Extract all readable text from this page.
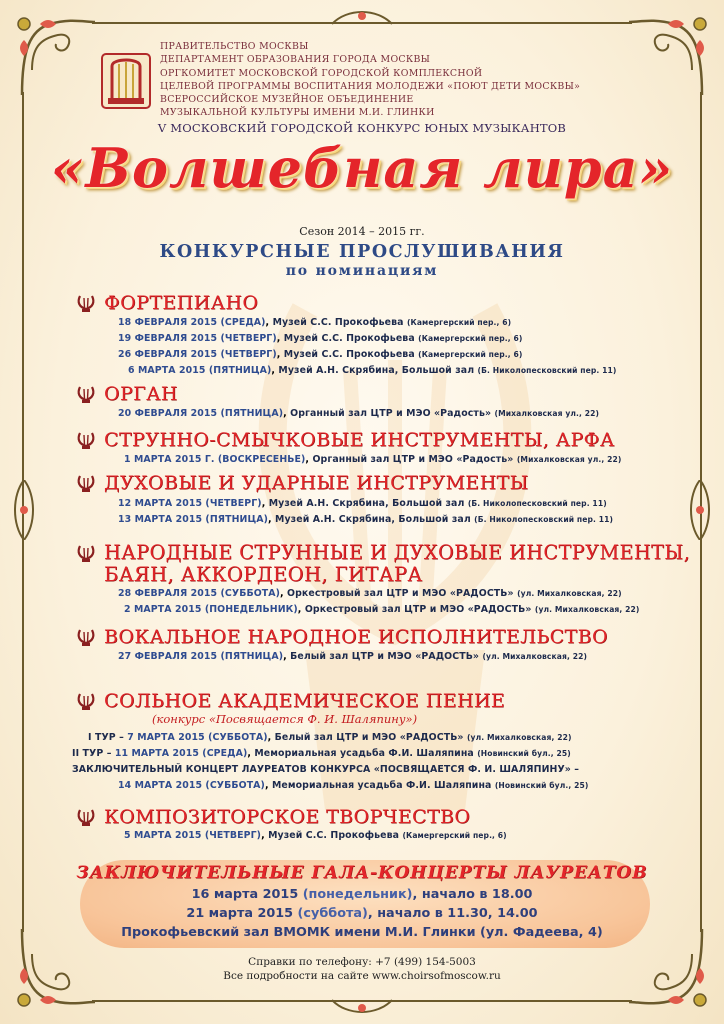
ПРАВИТЕЛЬСТВО МОСКВЫ
ДЕПАРТАМЕНТ ОБРАЗОВАНИЯ ГОРОДА МОСКВЫ
ОРГКОМИТЕТ МОСКОВСКОЙ ГОРОДСКОЙ КОМПЛЕКСНОЙ
ЦЕЛЕВОЙ ПРОГРАММЫ ВОСПИТАНИЯ МОЛОДЕЖИ «ПОЮТ ДЕТИ МОСКВЫ»
ВСЕРОССИЙСКОЕ МУЗЕЙНОЕ ОБЪЕДИНЕНИЕ
МУЗЫКАЛЬНОЙ КУЛЬТУРЫ ИМЕНИ М.И. ГЛИНКИ
V МОСКОВСКИЙ ГОРОДСКОЙ КОНКУРС ЮНЫХ МУЗЫКАНТОВ
«Волшебная лира»
Сезон 2014 – 2015 гг.
КОНКУРСНЫЕ ПРОСЛУШИВАНИЯ
по номинациям
ФОРТЕПИАНО
18 ФЕВРАЛЯ 2015 (СРЕДА), Музей С.С. Прокофьева (Камергерский пер., 6)
19 ФЕВРАЛЯ 2015 (ЧЕТВЕРГ), Музей С.С. Прокофьева (Камергерский пер., 6)
26 ФЕВРАЛЯ 2015 (ЧЕТВЕРГ), Музей С.С. Прокофьева (Камергерский пер., 6)
6 МАРТА 2015 (ПЯТНИЦА), Музей А.Н. Скрябина, Большой зал (Б. Николопесковский пер. 11)
ОРГАН
20 ФЕВРАЛЯ 2015 (ПЯТНИЦА), Органный зал ЦТР и МЭО «Радость» (Михалковская ул., 22)
СТРУННО-СМЫЧКОВЫЕ ИНСТРУМЕНТЫ, АРФА
1 МАРТА 2015 Г. (ВОСКРЕСЕНЬЕ), Органный зал ЦТР и МЭО «Радость» (Михалковская ул., 22)
ДУХОВЫЕ И УДАРНЫЕ ИНСТРУМЕНТЫ
12 МАРТА 2015 (ЧЕТВЕРГ), Музей А.Н. Скрябина, Большой зал (Б. Николопесковский пер. 11)
13 МАРТА 2015 (ПЯТНИЦА), Музей А.Н. Скрябина, Большой зал (Б. Николопесковский пер. 11)
НАРОДНЫЕ СТРУННЫЕ И ДУХОВЫЕ ИНСТРУМЕНТЫ,
БАЯН, АККОРДЕОН, ГИТАРА
28 ФЕВРАЛЯ 2015 (СУББОТА), Оркестровый зал ЦТР и МЭО «РАДОСТЬ» (ул. Михалковская, 22)
2 МАРТА 2015 (ПОНЕДЕЛЬНИК), Оркестровый зал ЦТР и МЭО «РАДОСТЬ» (ул. Михалковская, 22)
ВОКАЛЬНОЕ НАРОДНОЕ ИСПОЛНИТЕЛЬСТВО
27 ФЕВРАЛЯ 2015 (ПЯТНИЦА), Белый зал ЦТР и МЭО «РАДОСТЬ» (ул. Михалковская, 22)
СОЛЬНОЕ АКАДЕМИЧЕСКОЕ ПЕНИЕ
(конкурс «Посвящается Ф. И. Шаляпину»)
I ТУР – 7 МАРТА 2015 (СУББОТА), Белый зал ЦТР и МЭО «РАДОСТЬ» (ул. Михалковская, 22)
II ТУР – 11 МАРТА 2015 (СРЕДА), Мемориальная усадьба Ф.И. Шаляпина (Новинский бул., 25)
ЗАКЛЮЧИТЕЛЬНЫЙ КОНЦЕРТ ЛАУРЕАТОВ КОНКУРСА «ПОСВЯЩАЕТСЯ Ф. И. ШАЛЯПИНУ» –
14 МАРТА 2015 (СУББОТА), Мемориальная усадьба Ф.И. Шаляпина (Новинский бул., 25)
КОМПОЗИТОРСКОЕ ТВОРЧЕСТВО
5 МАРТА 2015 (ЧЕТВЕРГ), Музей С.С. Прокофьева (Камергерский пер., 6)
ЗАКЛЮЧИТЕЛЬНЫЕ ГАЛА-КОНЦЕРТЫ ЛАУРЕАТОВ
16 марта 2015 (понедельник), начало в 18.00
21 марта 2015 (суббота), начало в 11.30, 14.00
Прокофьевский зал ВМОМК имени М.И. Глинки (ул. Фадеева, 4)
Справки по телефону: +7 (499) 154-5003
Все подробности на сайте www.choirsofmoscow.ru
